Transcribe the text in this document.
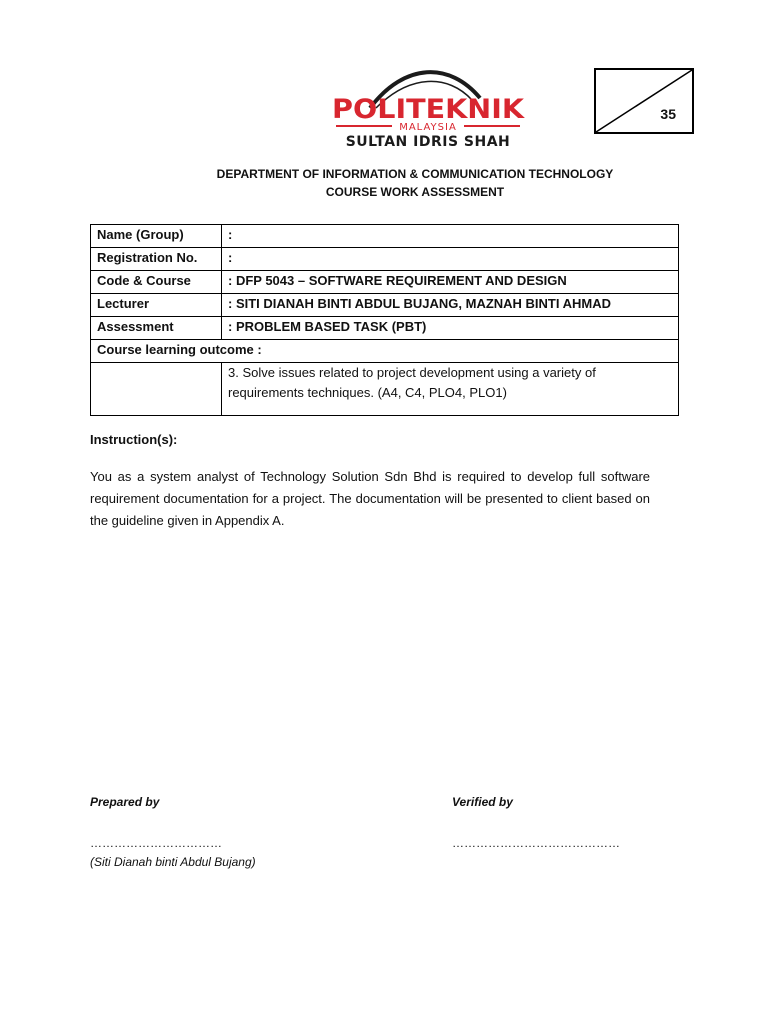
POLITEKNIK
MALAYSIA
SULTAN IDRIS SHAH
35
DEPARTMENT OF INFORMATION & COMMUNICATION TECHNOLOGY
COURSE WORK ASSESSMENT
Name (Group)	:
Registration No.	:
Code & Course	: DFP 5043 – SOFTWARE REQUIREMENT AND DESIGN
Lecturer	: SITI DIANAH BINTI ABDUL BUJANG, MAZNAH BINTI AHMAD
Assessment	: PROBLEM BASED TASK (PBT)
Course learning outcome :	
	3. Solve issues related to project development using a variety of requirements techniques. (A4, C4, PLO4, PLO1)
Instruction(s):
You as a system analyst of Technology Solution Sdn Bhd is required to develop full software requirement documentation for a project. The documentation will be presented to client based on the guideline given in Appendix A.
Prepared by	Verified by
……………………………	……………………………………
(Siti Dianah binti Abdul Bujang)
